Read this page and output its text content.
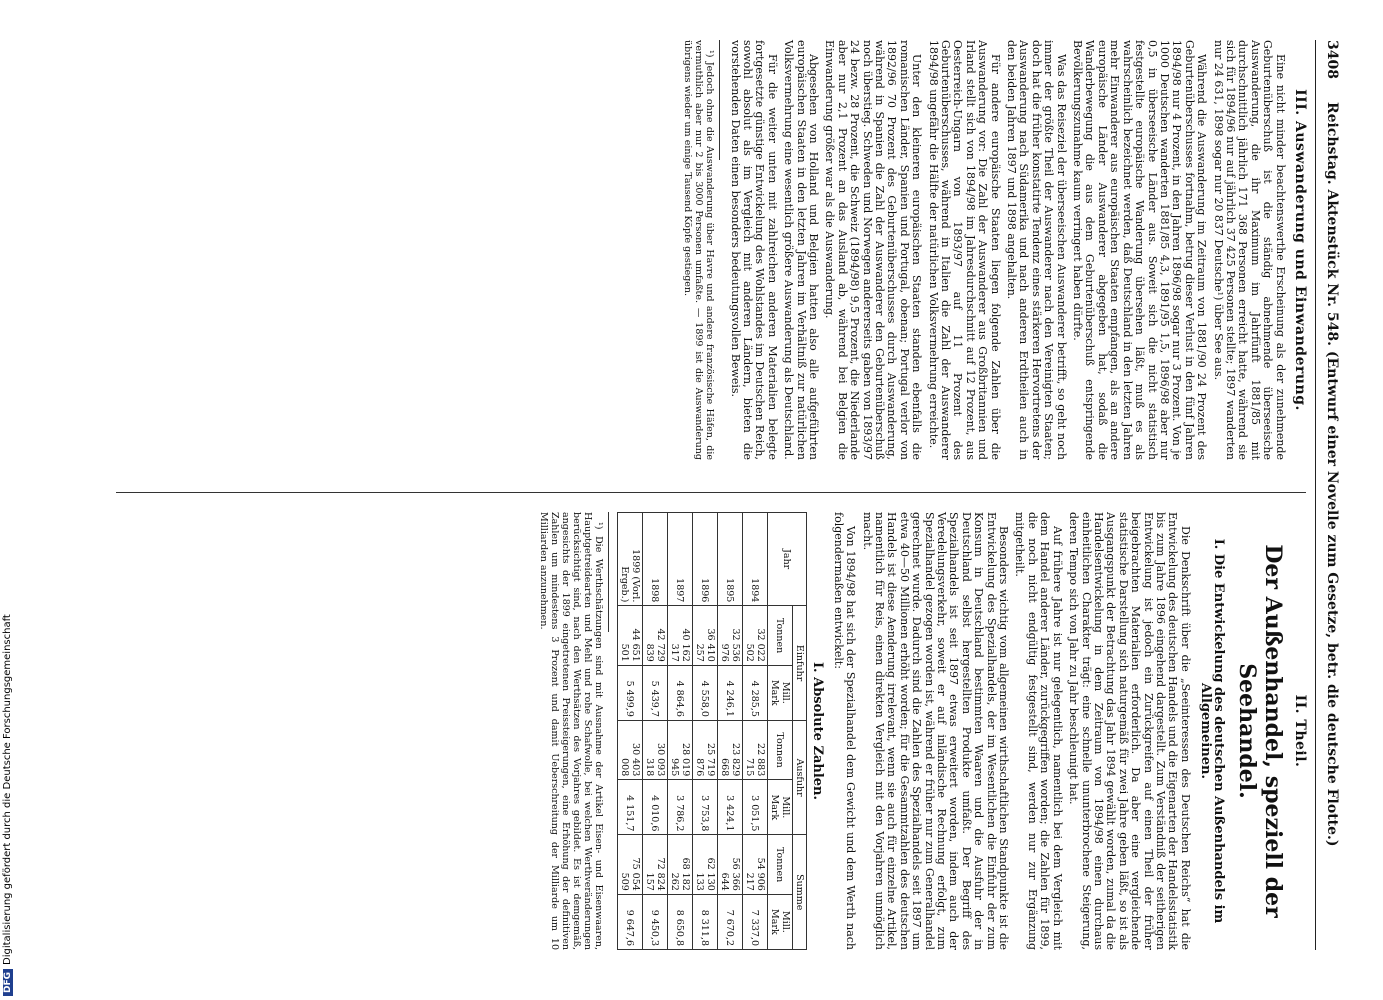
3408
Reichstag. Aktenstück Nr. 548. (Entwurf einer Novelle zum Gesetze, betr. die deutsche Flotte.)
III. Auswanderung und Einwanderung.

Eine nicht minder beachtenswerthe Erscheinung als der zunehmende Geburtenüberschuß ist die ständig abnehmende überseeische Auswanderung, die ihr Maximum im Jahrfünft 1881/85 mit durchschnittlich jährlich 171 368 Personen erreicht hatte, während sie sich für 1894/96 nur auf jährlich 37 425 Personen stellte; 1897 wanderten nur 24 631, 1898 sogar nur 20 837 Deutsche¹) über See aus.

Während die Auswanderung im Zeitraum von 1881/90 24 Prozent des Geburtenüberschusses fortnahm, betrug dieser Verlust in den fünf Jahren 1894/98 nur 4 Prozent, in den Jahren 1896/98 sogar nur 3 Prozent. Von je 1000 Deutschen wanderten 1881/85 4,3, 1891/95 1,5, 1896/98 aber nur 0,5 in überseeische Länder aus. Soweit sich die nicht statistisch festgestellte europäische Wanderung übersehen läßt, muß es als wahrscheinlich bezeichnet werden, daß Deutschland in den letzten Jahren mehr Einwanderer aus europäischen Staaten empfangen, als an andere europäische Länder Auswanderer abgegeben hat, sodaß die Wanderbewegung die aus dem Geburtenüberschuß entspringende Bevölkerungszunahme kaum verringert haben dürfte.

Was das Reiseziel der überseeischen Auswanderer betrifft, so geht noch immer der größte Theil der Auswanderer nach den Vereinigten Staaten; doch hat die früher konstatirte Tendenz eines stärkeren Hervortretens der Auswanderung nach Südamerika und nach anderen Erdtheilen auch in den beiden Jahren 1897 und 1898 angehalten.

Für andere europäische Staaten liegen folgende Zahlen über die Auswanderung vor: Die Zahl der Auswanderer aus Großbritannien und Irland stellt sich von 1894/98 im Jahresdurchschnitt auf 12 Prozent, aus Oesterreich-Ungarn von 1893/97 auf 11 Prozent des Geburtenüberschusses, während in Italien die Zahl der Auswanderer 1894/98 ungefähr die Hälfte der natürlichen Volksvermehrung erreichte.

Unter den kleineren europäischen Staaten standen ebenfalls die romanischen Länder, Spanien und Portugal, obenan; Portugal verlor von 1892/96 70 Prozent des Geburtenüberschusses durch Auswanderung, während in Spanien die Zahl der Auswanderer den Geburtenüberschuß noch überstieg. Schweden und Norwegen andererseits gaben von 1893/97 24 bezw. 28 Prozent, die Schweiz (1894/98) 9,5 Prozent, die Niederlande aber nur 2,1 Prozent an das Ausland ab, während bei Belgien die Einwanderung größer war als die Auswanderung.

Abgesehen von Holland und Belgien hatten also alle aufgeführten europäischen Staaten in den letzten Jahren im Verhältniß zur natürlichen Volksvermehrung eine wesentlich größere Auswanderung als Deutschland.

Für die weiter unten mit zahlreichen anderen Materialien belegte fortgesetzte günstige Entwickelung des Wohlstandes im Deutschen Reich, sowohl absolut als im Vergleich mit anderen Ländern, bieten die vorstehenden Daten einen besonders bedeutungsvollen Beweis.

¹) Jedoch ohne die Auswanderung über Havre und andere französische Häfen, die vermuthlich aber nur 2 bis 3000 Personen umfaßte. — 1899 ist die Auswanderung übrigens wieder um einige Tausend Köpfe gestiegen.

II. Theil.
Der Außenhandel, speziell der Seehandel.
I. Die Entwickelung des deutschen Außenhandels im Allgemeinen.

Die Denkschrift über die „Seeinteressen des Deutschen Reichs“ hat die Entwickelung des deutschen Handels und die Eigenarten der Handelsstatistik bis zum Jahre 1896 eingehend dargestellt. Zum Verständniß der seitherigen Entwickelung ist jedoch ein Zurückgreifen auf einen Theil der früher beigebrachten Materialien erforderlich. Da aber eine vergleichende statistische Darstellung sich naturgemäß für zwei Jahre geben läßt, so ist als Ausgangspunkt der Betrachtung das Jahr 1894 gewählt worden, zumal da die Handelsentwickelung in dem Zeitraum von 1894/98 einen durchaus einheitlichen Charakter trägt: eine schnelle ununterbrochene Steigerung, deren Tempo sich von Jahr zu Jahr beschleunigt hat.

Auf frühere Jahre ist nur gelegentlich, namentlich bei dem Vergleich mit dem Handel anderer Länder, zurückgegriffen worden; die Zahlen für 1899, die noch nicht endgültig festgestellt sind, werden nur zur Ergänzung mitgetheilt.

Besonders wichtig vom allgemeinen wirthschaftlichen Standpunkte ist die Entwickelung des Spezialhandels, der im Wesentlichen die Einfuhr der zum Konsum in Deutschland bestimmten Waaren und die Ausfuhr der in Deutschland selbst hergestellten Produkte umfaßt. Der Begriff des Spezialhandels ist seit 1897 etwas erweitert worden, indem auch der Veredelungsverkehr, soweit er auf inländische Rechnung erfolgt, zum Spezialhandel gezogen worden ist, während er früher nur zum Generalhandel gerechnet wurde. Dadurch sind die Zahlen des Spezialhandels seit 1897 um etwa 40—50 Millionen erhöht worden; für die Gesammtzahlen des deutschen Handels ist diese Aenderung irrelevant, wenn sie auch für einzelne Artikel, namentlich für Reis, einen direkten Vergleich mit den Vorjahren unmöglich macht.

Von 1894/98 hat sich der Spezialhandel dem Gewicht und dem Werth nach folgendermaßen entwickelt:

I. Absolute Zahlen.
Jahr	Einfuhr		Ausfuhr		Summe	
	Tonnen	Mill. Mark	Tonnen	Mill. Mark	Tonnen	Mill. Mark
1894	32 022 502	4 285,5	22 883 715	3 051,5	54 906 217	7 337,0
1895	32 536 976	4 246,1	23 829 668	3 424,1	56 366 644	7 670,2
1896	36 410 257	4 558,0	25 719 876	3 753,8	62 130 133	8 311,8
1897	40 162 317	4 864,6	28 019 945	3 786,2	68 182 262	8 650,8
1898	42 729 839	5 439,7	30 093 318	4 010,6	72 824 157	9 450,3
1899 (Vorl. Ergeb.)	44 651 501	5 499,9	30 403 008	4 151,7	75 054 509	9 647,6

¹) Die Werthschätzungen sind mit Ausnahme der Artikel Eisen- und Eisenwaaren, Hauptgetreidearten und Mehl und rohe Schafwolle, bei welchen Werthveränderungen berücksichtigt sind, nach den Werthsätzen des Vorjahres gebildet. Es ist demgemäß, angesichts der 1899 eingetretenen Preissteigerungen, eine Erhöhung der definitiven Zahlen um mindestens 3 Prozent und damit Ueberschreitung der Milliarde um 10 Milliarden anzunehmen.

DFGDigitalisierung gefördert durch die Deutsche Forschungsgemeinschaft
